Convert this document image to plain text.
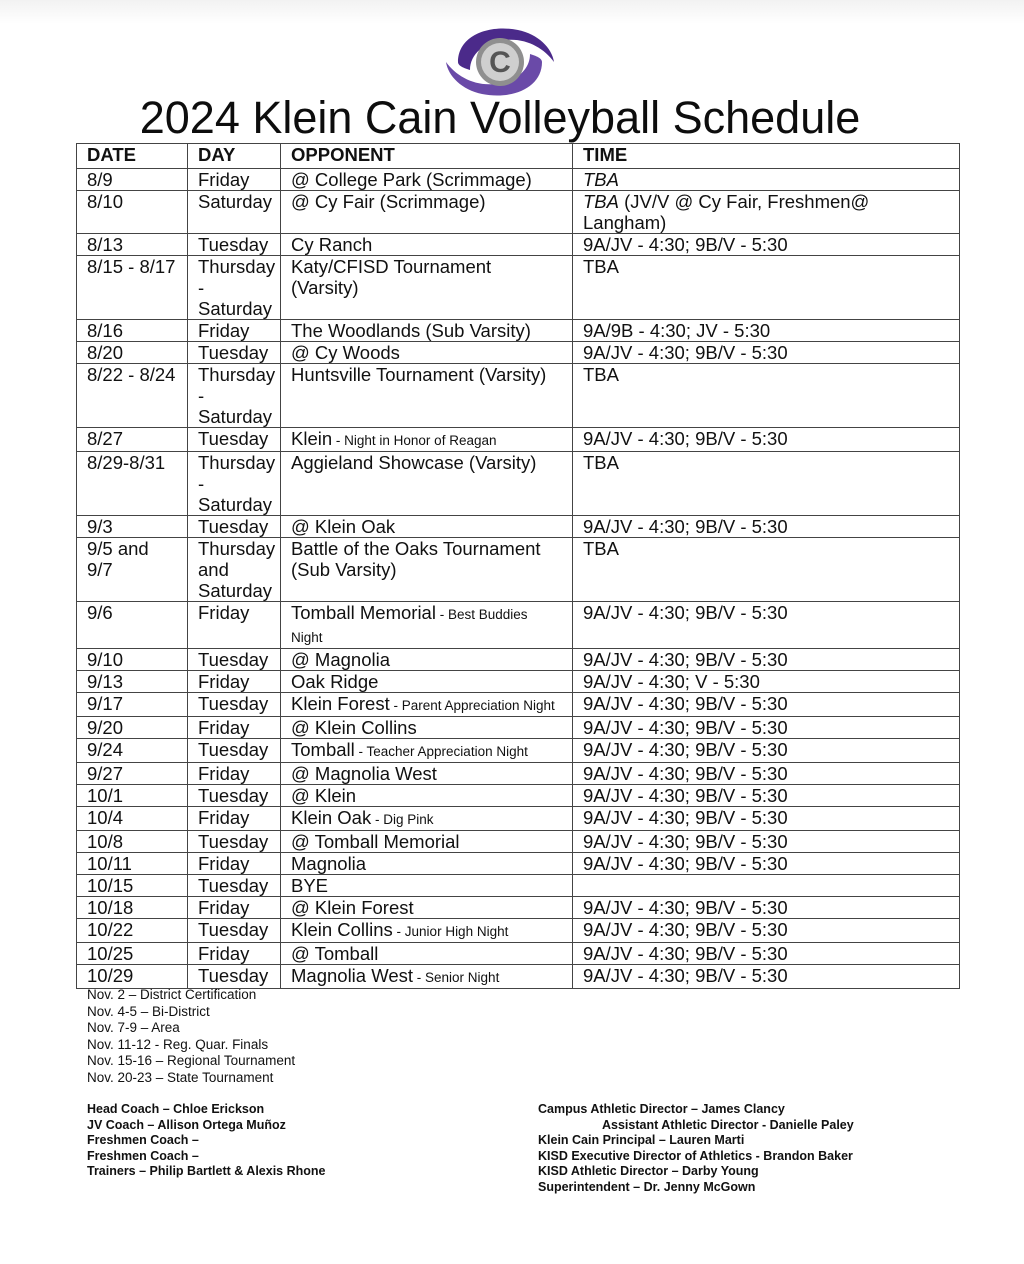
C
2024 Klein Cain Volleyball Schedule
DATE	DAY	OPPONENT	TIME
8/9	Friday	@ College Park (Scrimmage)	TBA
8/10	Saturday	@ Cy Fair (Scrimmage)	TBA (JV/V @ Cy Fair, Freshmen@ Langham)
8/13	Tuesday	Cy Ranch	9A/JV - 4:30; 9B/V - 5:30
8/15 - 8/17	Thursday - Saturday	Katy/CFISD Tournament (Varsity)	TBA
8/16	Friday	The Woodlands (Sub Varsity)	9A/9B - 4:30; JV - 5:30
8/20	Tuesday	@ Cy Woods	9A/JV - 4:30; 9B/V - 5:30
8/22 - 8/24	Thursday - Saturday	Huntsville Tournament (Varsity)	TBA
8/27	Tuesday	Klein - Night in Honor of Reagan	9A/JV - 4:30; 9B/V - 5:30
8/29-8/31	Thursday - Saturday	Aggieland Showcase (Varsity)	TBA
9/3	Tuesday	@ Klein Oak	9A/JV - 4:30; 9B/V - 5:30
9/5 and 9/7	Thursday and Saturday	Battle of the Oaks Tournament (Sub Varsity)	TBA
9/6	Friday	Tomball Memorial - Best Buddies Night	9A/JV - 4:30; 9B/V - 5:30
9/10	Tuesday	@ Magnolia	9A/JV - 4:30; 9B/V - 5:30
9/13	Friday	Oak Ridge	9A/JV - 4:30; V - 5:30
9/17	Tuesday	Klein Forest - Parent Appreciation Night	9A/JV - 4:30; 9B/V - 5:30
9/20	Friday	@ Klein Collins	9A/JV - 4:30; 9B/V - 5:30
9/24	Tuesday	Tomball - Teacher Appreciation Night	9A/JV - 4:30; 9B/V - 5:30
9/27	Friday	@ Magnolia West	9A/JV - 4:30; 9B/V - 5:30
10/1	Tuesday	@ Klein	9A/JV - 4:30; 9B/V - 5:30
10/4	Friday	Klein Oak - Dig Pink	9A/JV - 4:30; 9B/V - 5:30
10/8	Tuesday	@ Tomball Memorial	9A/JV - 4:30; 9B/V - 5:30
10/11	Friday	Magnolia	9A/JV - 4:30; 9B/V - 5:30
10/15	Tuesday	BYE	
10/18	Friday	@ Klein Forest	9A/JV - 4:30; 9B/V - 5:30
10/22	Tuesday	Klein Collins - Junior High Night	9A/JV - 4:30; 9B/V - 5:30
10/25	Friday	@ Tomball	9A/JV - 4:30; 9B/V - 5:30
10/29	Tuesday	Magnolia West - Senior Night	9A/JV - 4:30; 9B/V - 5:30
Nov. 2 – District Certification
Nov. 4-5 – Bi-District
Nov. 7-9 – Area
Nov. 11-12 - Reg. Quar. Finals
Nov. 15-16 – Regional Tournament
Nov. 20-23 – State Tournament
Head Coach – Chloe Erickson
JV Coach – Allison Ortega Muñoz
Freshmen Coach –
Freshmen Coach –
Trainers – Philip Bartlett & Alexis Rhone
Campus Athletic Director – James Clancy
Assistant Athletic Director - Danielle Paley
Klein Cain Principal – Lauren Marti
KISD Executive Director of Athletics - Brandon Baker
KISD Athletic Director – Darby Young
Superintendent – Dr. Jenny McGown
